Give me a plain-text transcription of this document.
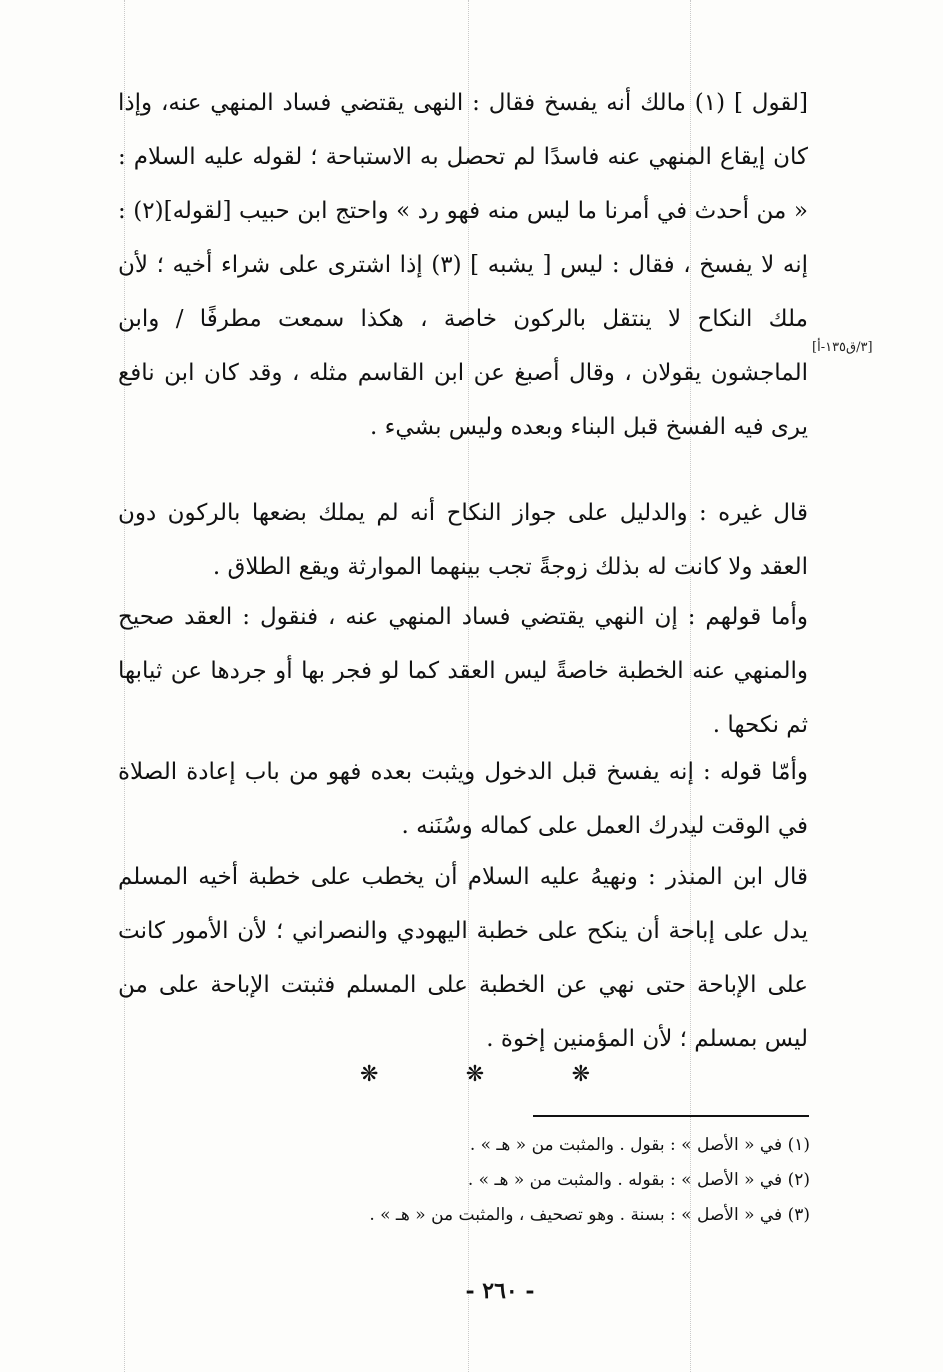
[٣/ق١٣٥-أ]

[لقول ] (١) مالك أنه يفسخ فقال : النهى يقتضي فساد المنهي عنه، وإذا كان إيقاع المنهي عنه فاسدًا لم تحصل به الاستباحة ؛ لقوله عليه السلام : « من أحدث في أمرنا ما ليس منه فهو رد » واحتج ابن حبيب [لقوله](٢) : إنه لا يفسخ ، فقال : ليس [ يشبه ] (٣) إذا اشترى على شراء أخيه ؛ لأن ملك النكاح لا ينتقل بالركون خاصة ، هكذا سمعت مطرفًا / وابن الماجشون يقولان ، وقال أصبغ عن ابن القاسم مثله ، وقد كان ابن نافع يرى فيه الفسخ قبل البناء وبعده وليس بشيء .

قال غيره : والدليل على جواز النكاح أنه لم يملك بضعها بالركون دون العقد ولا كانت له بذلك زوجةً تجب بينهما الموارثة ويقع الطلاق .

وأما قولهم : إن النهي يقتضي فساد المنهي عنه ، فنقول : العقد صحيح والمنهي عنه الخطبة خاصةً ليس العقد كما لو فجر بها أو جردها عن ثيابها ثم نكحها .

وأمّا قوله : إنه يفسخ قبل الدخول ويثبت بعده فهو من باب إعادة الصلاة في الوقت ليدرك العمل على كماله وسُنَنه .

قال ابن المنذر : ونهيهُ عليه السلام أن يخطب على خطبة أخيه المسلم يدل على إباحة أن ينكح على خطبة اليهودي والنصراني ؛ لأن الأمور كانت على الإباحة حتى نهي عن الخطبة على المسلم فثبتت الإباحة على من ليس بمسلم ؛ لأن المؤمنين إخوة .

❋	❋	❋

(١) في « الأصل » : بقول . والمثبت من « هـ » .

(٢) في « الأصل » : بقوله . والمثبت من « هـ » .

(٣) في « الأصل » : بسنة . وهو تصحيف ، والمثبت من « هـ » .

- ٢٦٠ -
